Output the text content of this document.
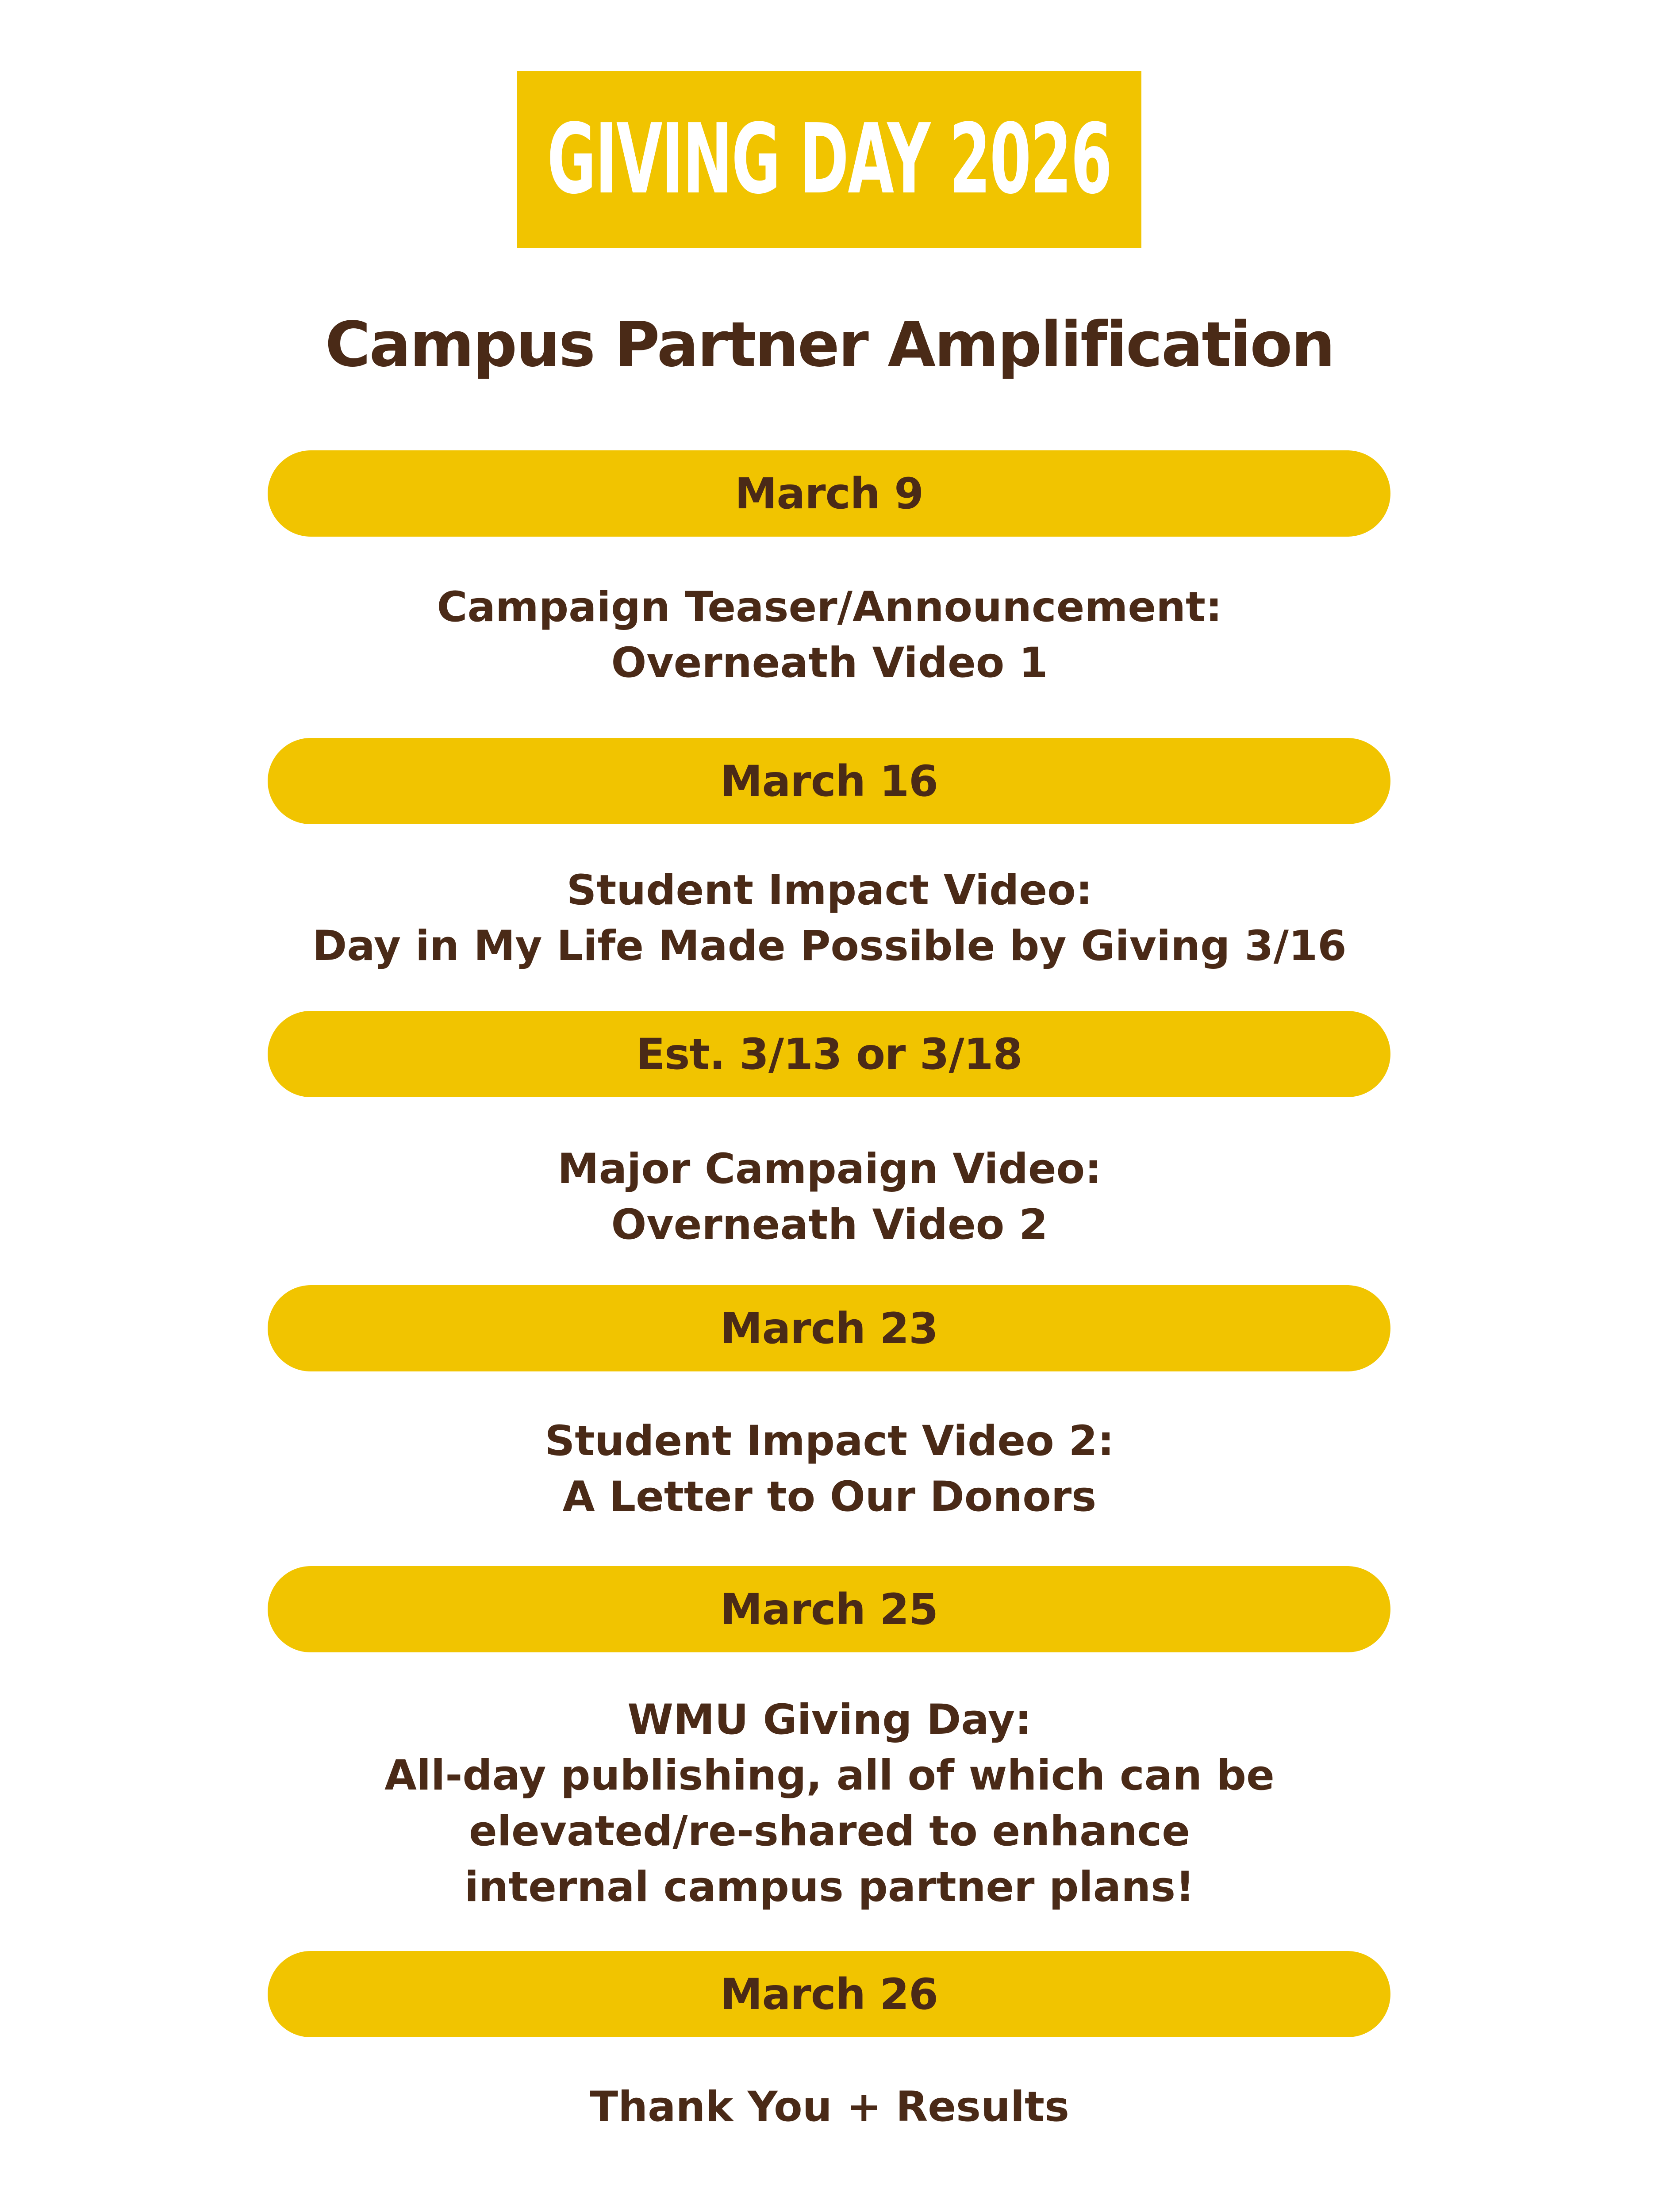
GIVING DAY 2026
Campus Partner Amplification
March 9
Campaign Teaser/Announcement:
Overneath Video 1
March 16
Student Impact Video:
Day in My Life Made Possible by Giving 3/16
Est. 3/13 or 3/18
Major Campaign Video:
Overneath Video 2
March 23
Student Impact Video 2:
A Letter to Our Donors
March 25
WMU Giving Day:
All-day publishing, all of which can be
elevated/re-shared to enhance
internal campus partner plans!
March 26
Thank You + Results
